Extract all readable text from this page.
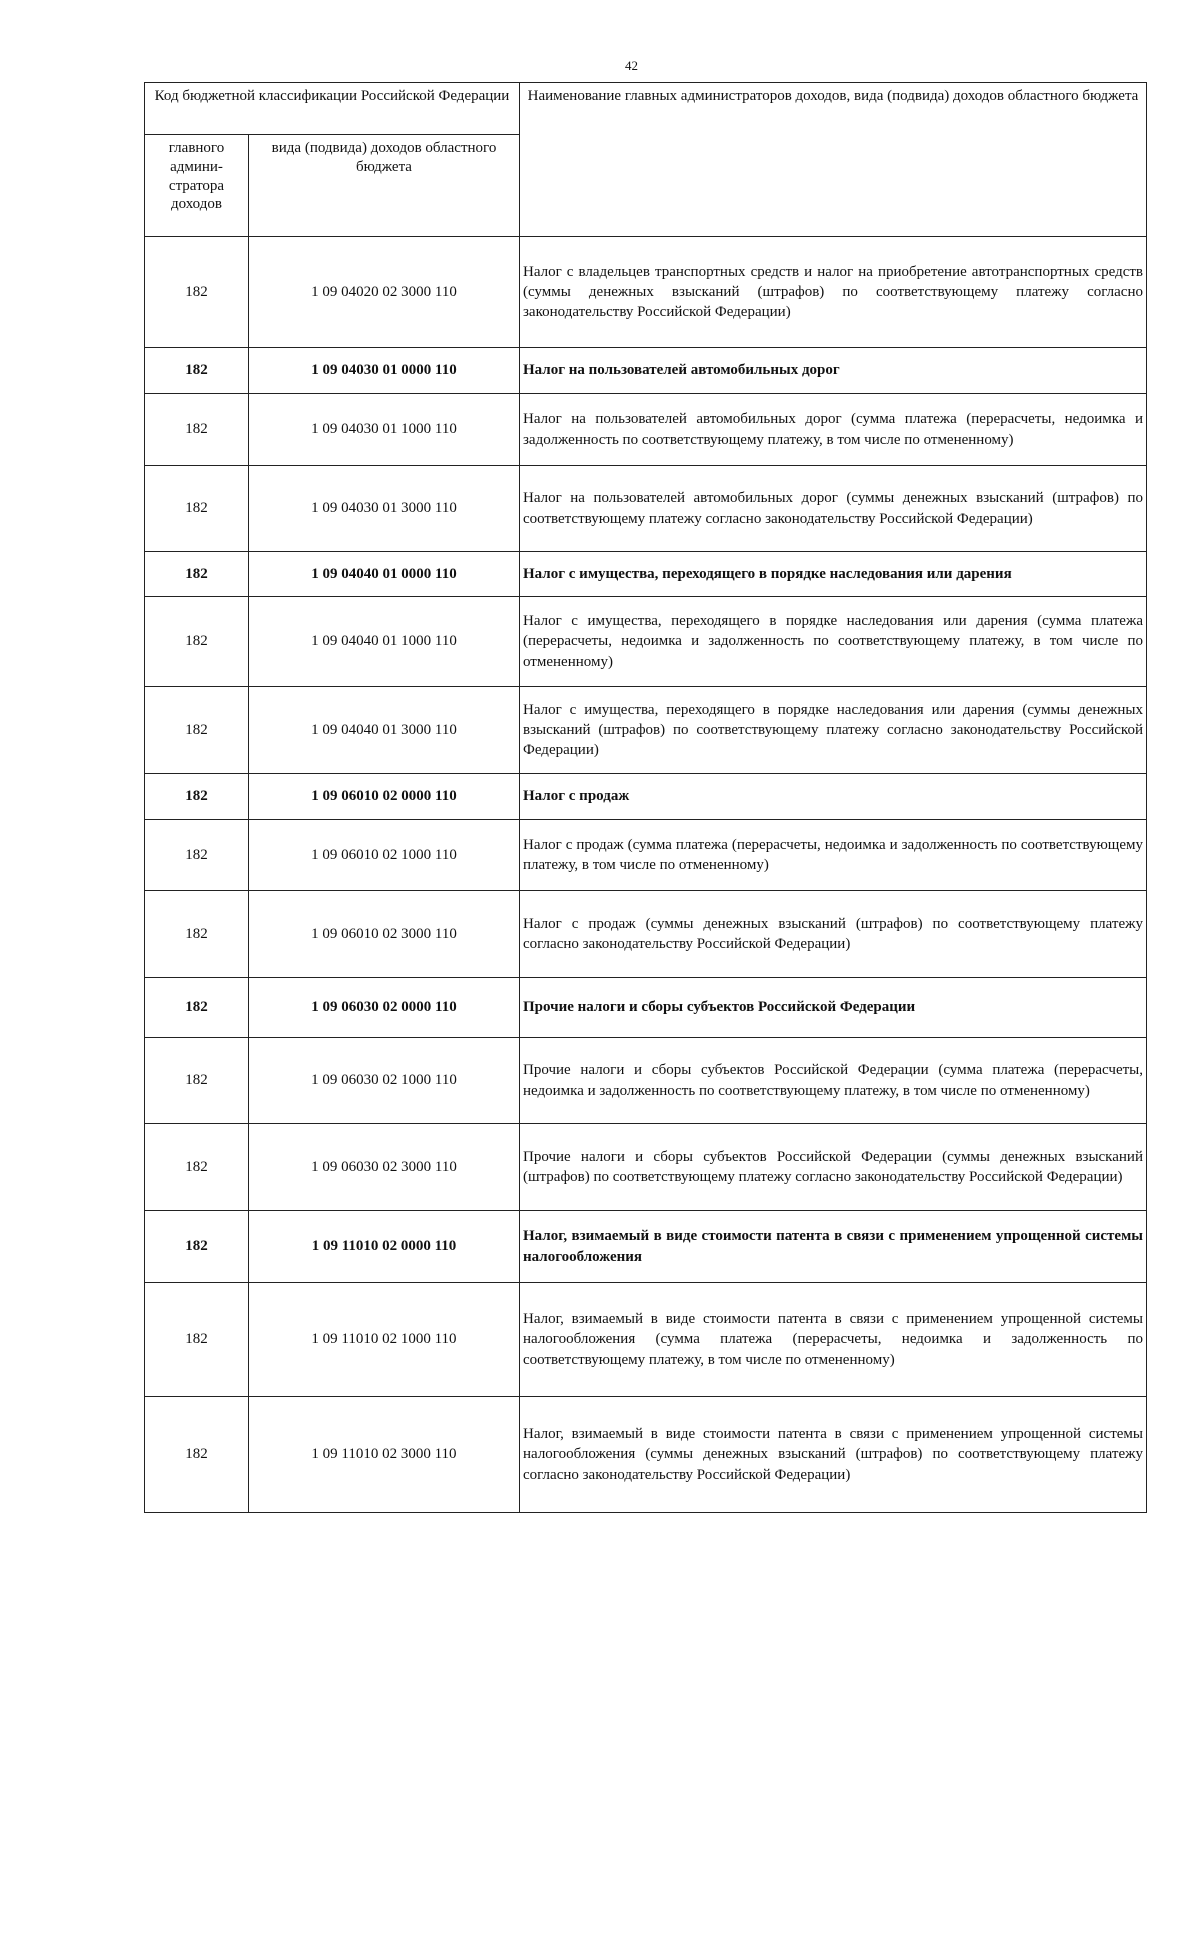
42
Код бюджетной классификации Российской Федерации		Наименование главных администраторов доходов, вида (подвида) доходов областного бюджета
главного админи-стратора доходов	вида (подвида) доходов областного бюджета	
182	1 09 04020 02 3000 110	Налог с владельцев транспортных средств и налог на приобретение автотранспортных средств (суммы денежных взысканий (штрафов) по соответствующему платежу согласно законодательству Российской Федерации)
182	1 09 04030 01 0000 110	Налог на пользователей автомобильных дорог
182	1 09 04030 01 1000 110	Налог на пользователей автомобильных дорог (сумма платежа (перерасчеты, недоимка и задолженность по соответствующему платежу, в том числе по отмененному)
182	1 09 04030 01 3000 110	Налог на пользователей автомобильных дорог (суммы денежных взысканий (штрафов) по соответствующему платежу согласно законодательству Российской Федерации)
182	1 09 04040 01 0000 110	Налог с имущества, переходящего в порядке наследования или дарения
182	1 09 04040 01 1000 110	Налог с имущества, переходящего в порядке наследования или дарения (сумма платежа (перерасчеты, недоимка и задолженность по соответствующему платежу, в том числе по отмененному)
182	1 09 04040 01 3000 110	Налог с имущества, переходящего в порядке наследования или дарения (суммы денежных взысканий (штрафов) по соответствующему платежу согласно законодательству Российской Федерации)
182	1 09 06010 02 0000 110	Налог с продаж
182	1 09 06010 02 1000 110	Налог с продаж (сумма платежа (перерасчеты, недоимка и задолженность по соответствующему платежу, в том числе по отмененному)
182	1 09 06010 02 3000 110	Налог с продаж (суммы денежных взысканий (штрафов) по соответствующему платежу согласно законодательству Российской Федерации)
182	1 09 06030 02 0000 110	Прочие налоги и сборы субъектов Российской Федерации
182	1 09 06030 02 1000 110	Прочие налоги и сборы субъектов Российской Федерации (сумма платежа (перерасчеты, недоимка и задолженность по соответствующему платежу, в том числе по отмененному)
182	1 09 06030 02 3000 110	Прочие налоги и сборы субъектов Российской Федерации (суммы денежных взысканий (штрафов) по соответствующему платежу согласно законодательству Российской Федерации)
182	1 09 11010 02 0000 110	Налог, взимаемый в виде стоимости патента в связи с применением упрощенной системы налогообложения
182	1 09 11010 02 1000 110	Налог, взимаемый в виде стоимости патента в связи с применением упрощенной системы налогообложения (сумма платежа (перерасчеты, недоимка и задолженность по соответствующему платежу, в том числе по отмененному)
182	1 09 11010 02 3000 110	Налог, взимаемый в виде стоимости патента в связи с применением упрощенной системы налогообложения (суммы денежных взысканий (штрафов) по соответствующему платежу согласно законодательству Российской Федерации)
